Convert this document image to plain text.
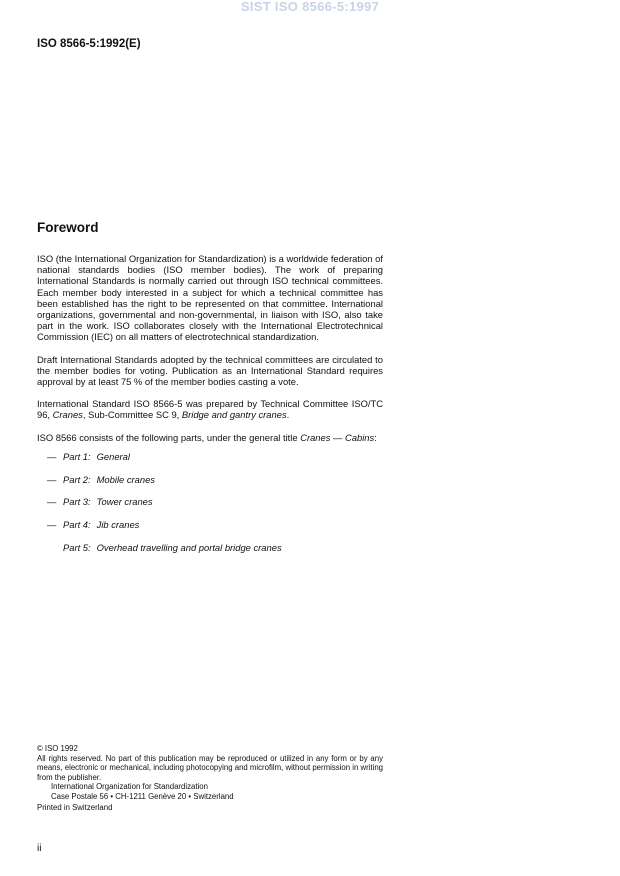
SIST ISO 8566-5:1997
ISO 8566-5:1992(E)
Foreword

ISO (the International Organization for Standardization) is a worldwide federation of national standards bodies (ISO member bodies). The work of preparing International Standards is normally carried out through ISO technical committees. Each member body interested in a subject for which a technical committee has been established has the right to be represented on that committee. International organizations, governmental and non-governmental, in liaison with ISO, also take part in the work. ISO collaborates closely with the International Electrotechnical Commission (IEC) on all matters of electrotechnical standardization.

Draft International Standards adopted by the technical committees are circulated to the member bodies for voting. Publication as an International Standard requires approval by at least 75 % of the member bodies casting a vote.

International Standard ISO 8566-5 was prepared by Technical Committee ISO/TC 96, Cranes, Sub-Committee SC 9, Bridge and gantry cranes.

ISO 8566 consists of the following parts, under the general title Cranes — Cabins:

— Part 1: General
— Part 2: Mobile cranes
— Part 3: Tower cranes
— Part 4: Jib cranes
Part 5: Overhead travelling and portal bridge cranes
© ISO 1992
All rights reserved. No part of this publication may be reproduced or utilized in any form or by any means, electronic or mechanical, including photocopying and microfilm, without permission in writing from the publisher.
International Organization for Standardization
Case Postale 56 • CH-1211 Genève 20 • Switzerland
Printed in Switzerland
ii
